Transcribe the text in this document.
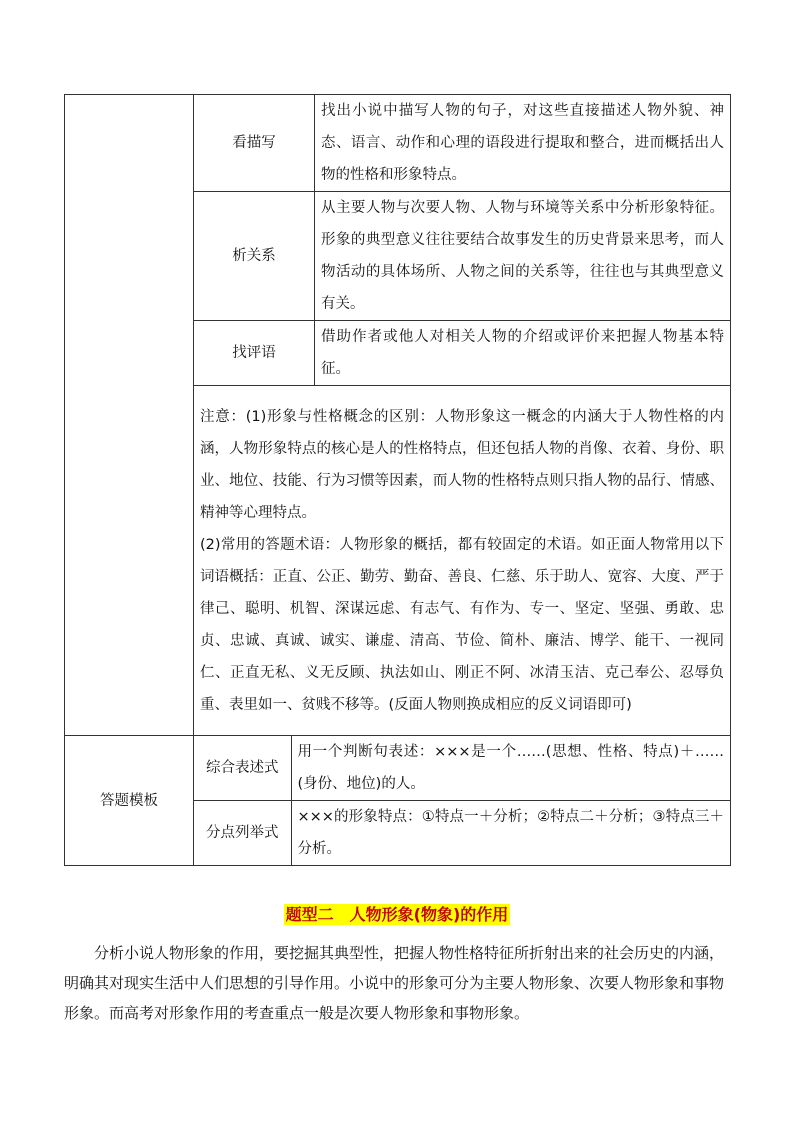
	看描写	找出小说中描写人物的句子，对这些直接描述人物外貌、神态、语言、动作和心理的语段进行提取和整合，进而概括出人物的性格和形象特点。
析关系	从主要人物与次要人物、人物与环境等关系中分析形象特征。形象的典型意义往往要结合故事发生的历史背景来思考，而人物活动的具体场所、人物之间的关系等，往往也与其典型意义有关。
找评语	借助作者或他人对相关人物的介绍或评价来把握人物基本特征。

注意：(1)形象与性格概念的区别：人物形象这一概念的内涵大于人物性格的内涵，人物形象特点的核心是人的性格特点，但还包括人物的肖像、衣着、身份、职业、地位、技能、行为习惯等因素，而人物的性格特点则只指人物的品行、情感、精神等心理特点。

(2)常用的答题术语：人物形象的概括，都有较固定的术语。如正面人物常用以下词语概括：正直、公正、勤劳、勤奋、善良、仁慈、乐于助人、宽容、大度、严于律己、聪明、机智、深谋远虑、有志气、有作为、专一、坚定、坚强、勇敢、忠贞、忠诚、真诚、诚实、谦虚、清高、节俭、简朴、廉洁、博学、能干、一视同仁、正直无私、义无反顾、执法如山、刚正不阿、冰清玉洁、克己奉公、忍辱负重、表里如一、贫贱不移等。(反面人物则换成相应的反义词语即可)

答题模板	
综合表述式	用一个判断句表述：×××是一个……(思想、性格、特点)＋……(身份、地位)的人。
分点列举式	×××的形象特点：①特点一＋分析；②特点二＋分析；③特点三＋分析。
题型二　人物形象(物象)的作用

分析小说人物形象的作用，要挖掘其典型性，把握人物性格特征所折射出来的社会历史的内涵，明确其对现实生活中人们思想的引导作用。小说中的形象可分为主要人物形象、次要人物形象和事物形象。而高考对形象作用的考查重点一般是次要人物形象和事物形象。
